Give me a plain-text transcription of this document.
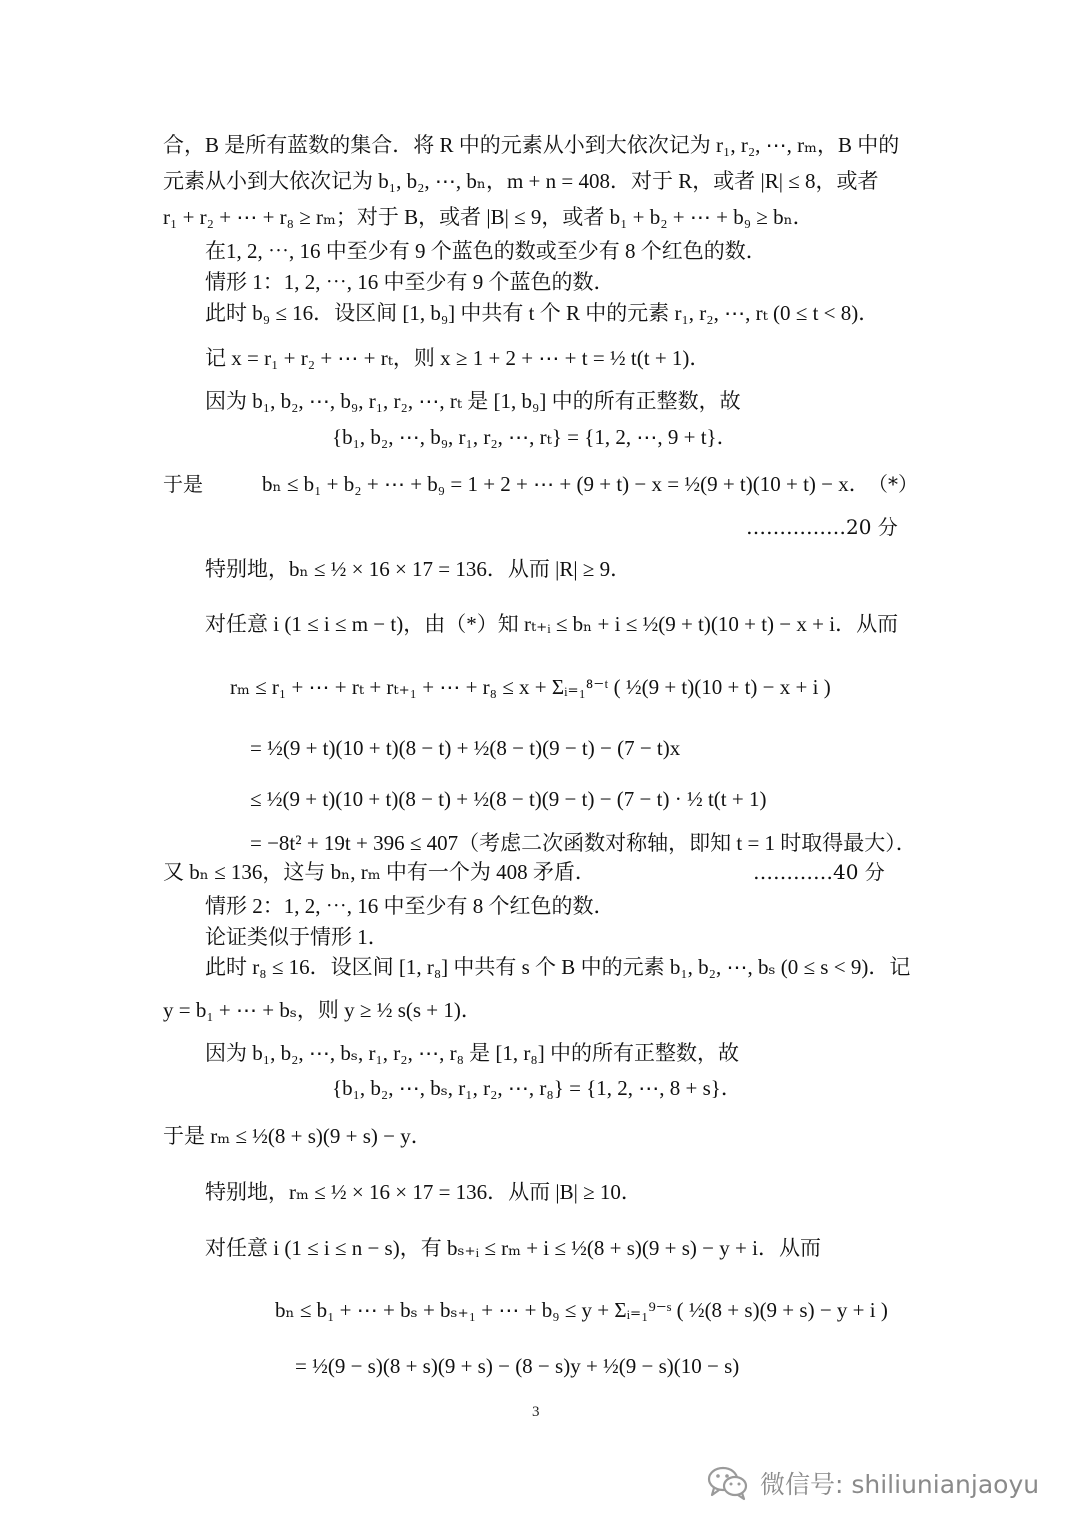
合，B 是所有蓝数的集合．将 R 中的元素从小到大依次记为 r₁, r₂, ⋯, rₘ，B 中的
元素从小到大依次记为 b₁, b₂, ⋯, bₙ，m + n = 408．对于 R，或者 |R| ≤ 8，或者
r₁ + r₂ + ⋯ + r₈ ≥ rₘ；对于 B，或者 |B| ≤ 9，或者 b₁ + b₂ + ⋯ + b₉ ≥ bₙ．
在1, 2, ⋯, 16 中至少有 9 个蓝色的数或至少有 8 个红色的数．
情形 1：1, 2, ⋯, 16 中至少有 9 个蓝色的数．
此时 b₉ ≤ 16．设区间 [1, b₉] 中共有 t 个 R 中的元素 r₁, r₂, ⋯, rₜ (0 ≤ t < 8)．
记 x = r₁ + r₂ + ⋯ + rₜ，则 x ≥ 1 + 2 + ⋯ + t = ½ t(t + 1)．
因为 b₁, b₂, ⋯, b₉, r₁, r₂, ⋯, rₜ 是 [1, b₉] 中的所有正整数，故
{b₁, b₂, ⋯, b₉, r₁, r₂, ⋯, rₜ} = {1, 2, ⋯, 9 + t}．
于是	bₙ ≤ b₁ + b₂ + ⋯ + b₉ = 1 + 2 + ⋯ + (9 + t) − x = ½(9 + t)(10 + t) − x．
（*）
……………20 分
特别地，bₙ ≤ ½ × 16 × 17 = 136．从而 |R| ≥ 9．
对任意 i (1 ≤ i ≤ m − t)，由（*）知 rₜ₊ᵢ ≤ bₙ + i ≤ ½(9 + t)(10 + t) − x + i．从而
rₘ ≤ r₁ + ⋯ + rₜ + rₜ₊₁ + ⋯ + r₈ ≤ x + Σᵢ₌₁⁸⁻ᵗ ( ½(9 + t)(10 + t) − x + i )
= ½(9 + t)(10 + t)(8 − t) + ½(8 − t)(9 − t) − (7 − t)x
≤ ½(9 + t)(10 + t)(8 − t) + ½(8 − t)(9 − t) − (7 − t) · ½ t(t + 1)
= −8t² + 19t + 396 ≤ 407（考虑二次函数对称轴，即知 t = 1 时取得最大）．
又 bₙ ≤ 136，这与 bₙ, rₘ 中有一个为 408 矛盾．	…………40 分
情形 2：1, 2, ⋯, 16 中至少有 8 个红色的数．
论证类似于情形 1．
此时 r₈ ≤ 16．设区间 [1, r₈] 中共有 s 个 B 中的元素 b₁, b₂, ⋯, bₛ (0 ≤ s < 9)．记
y = b₁ + ⋯ + bₛ，则 y ≥ ½ s(s + 1)．
因为 b₁, b₂, ⋯, bₛ, r₁, r₂, ⋯, r₈ 是 [1, r₈] 中的所有正整数，故
{b₁, b₂, ⋯, bₛ, r₁, r₂, ⋯, r₈} = {1, 2, ⋯, 8 + s}．
于是 rₘ ≤ ½(8 + s)(9 + s) − y．
特别地，rₘ ≤ ½ × 16 × 17 = 136．从而 |B| ≥ 10．
对任意 i (1 ≤ i ≤ n − s)，有 bₛ₊ᵢ ≤ rₘ + i ≤ ½(8 + s)(9 + s) − y + i．从而
bₙ ≤ b₁ + ⋯ + bₛ + bₛ₊₁ + ⋯ + b₉ ≤ y + Σᵢ₌₁⁹⁻ˢ ( ½(8 + s)(9 + s) − y + i )
= ½(9 − s)(8 + s)(9 + s) − (8 − s)y + ½(9 − s)(10 − s)
3
微信号: shiliunianjaoyu
